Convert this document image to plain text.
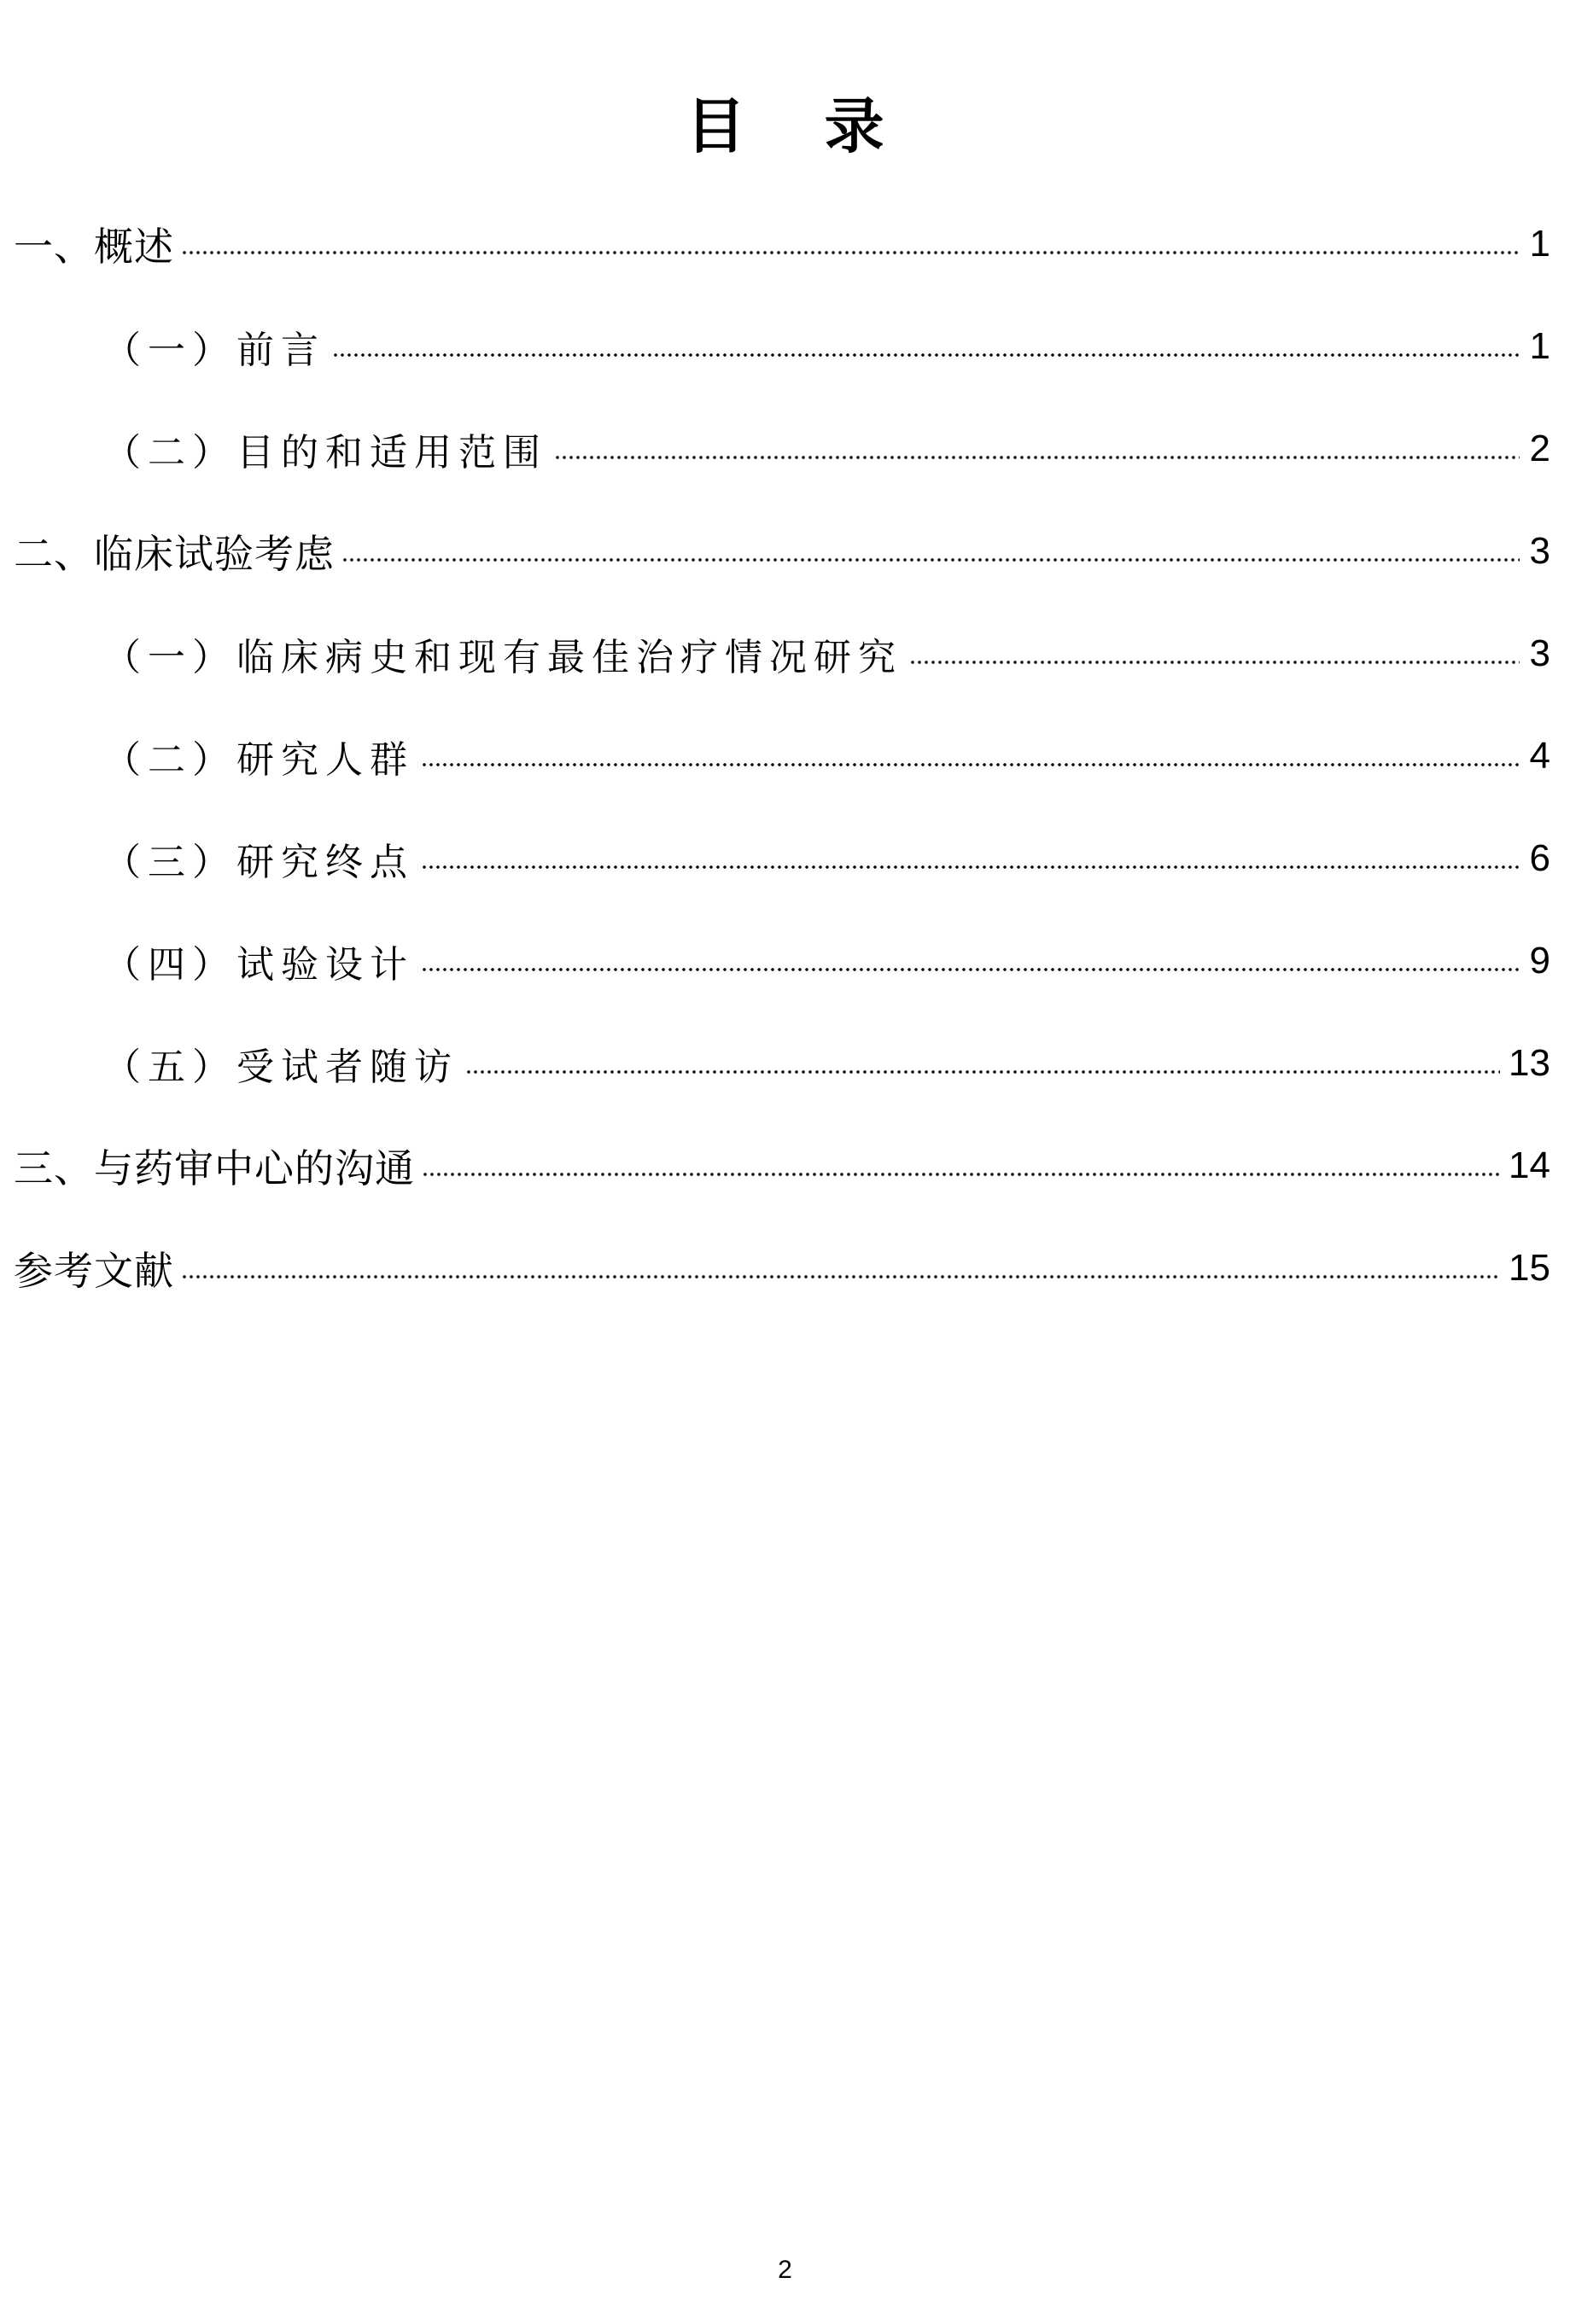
目 录
一、概述	1
（一）前言	1
（二）目的和适用范围	2
二、临床试验考虑	3
（一）临床病史和现有最佳治疗情况研究	3
（二）研究人群	4
（三）研究终点	6
（四）试验设计	9
（五）受试者随访	13
三、与药审中心的沟通	14
参考文献	15
2
